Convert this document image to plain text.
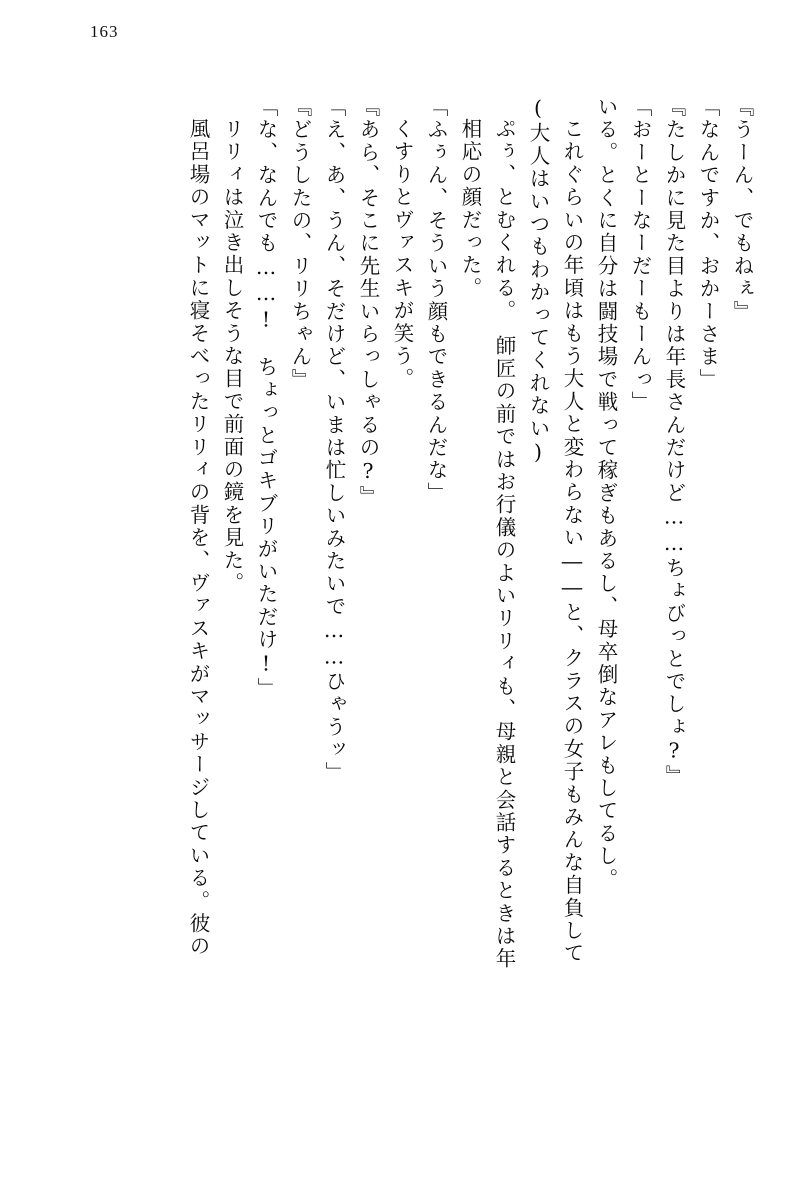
163
『うーん、でもねぇ』
「なんですか、おかーさま」
『たしかに見た目よりは年長さんだけど……ちょびっとでしょ?』
「おーとーなーだーもーんっ」
いる。とくに自分は闘技場で戦って稼ぎもあるし、母卒倒なアレもしてるし。
これぐらいの年頃はもう大人と変わらない――と、クラスの女子もみんな自負して
(大人はいつもわかってくれない)
ぷぅ、とむくれる。　師匠の前ではお行儀のよいリリィも、母親と会話するときは年
相応の顔だった。
「ふぅん、そういう顔もできるんだな」
くすりとヴァスキが笑う。
『あら、そこに先生いらっしゃるの?』
「え、あ、うん、そだけど、いまは忙しいみたいで……ひゃうッ」
『どうしたの、リリちゃん』
「な、なんでも……!　ちょっとゴキブリがいただけ!」
リリィは泣き出しそうな目で前面の鏡を見た。
風呂場のマットに寝そべったリリィの背を、ヴァスキがマッサージしている。彼の
